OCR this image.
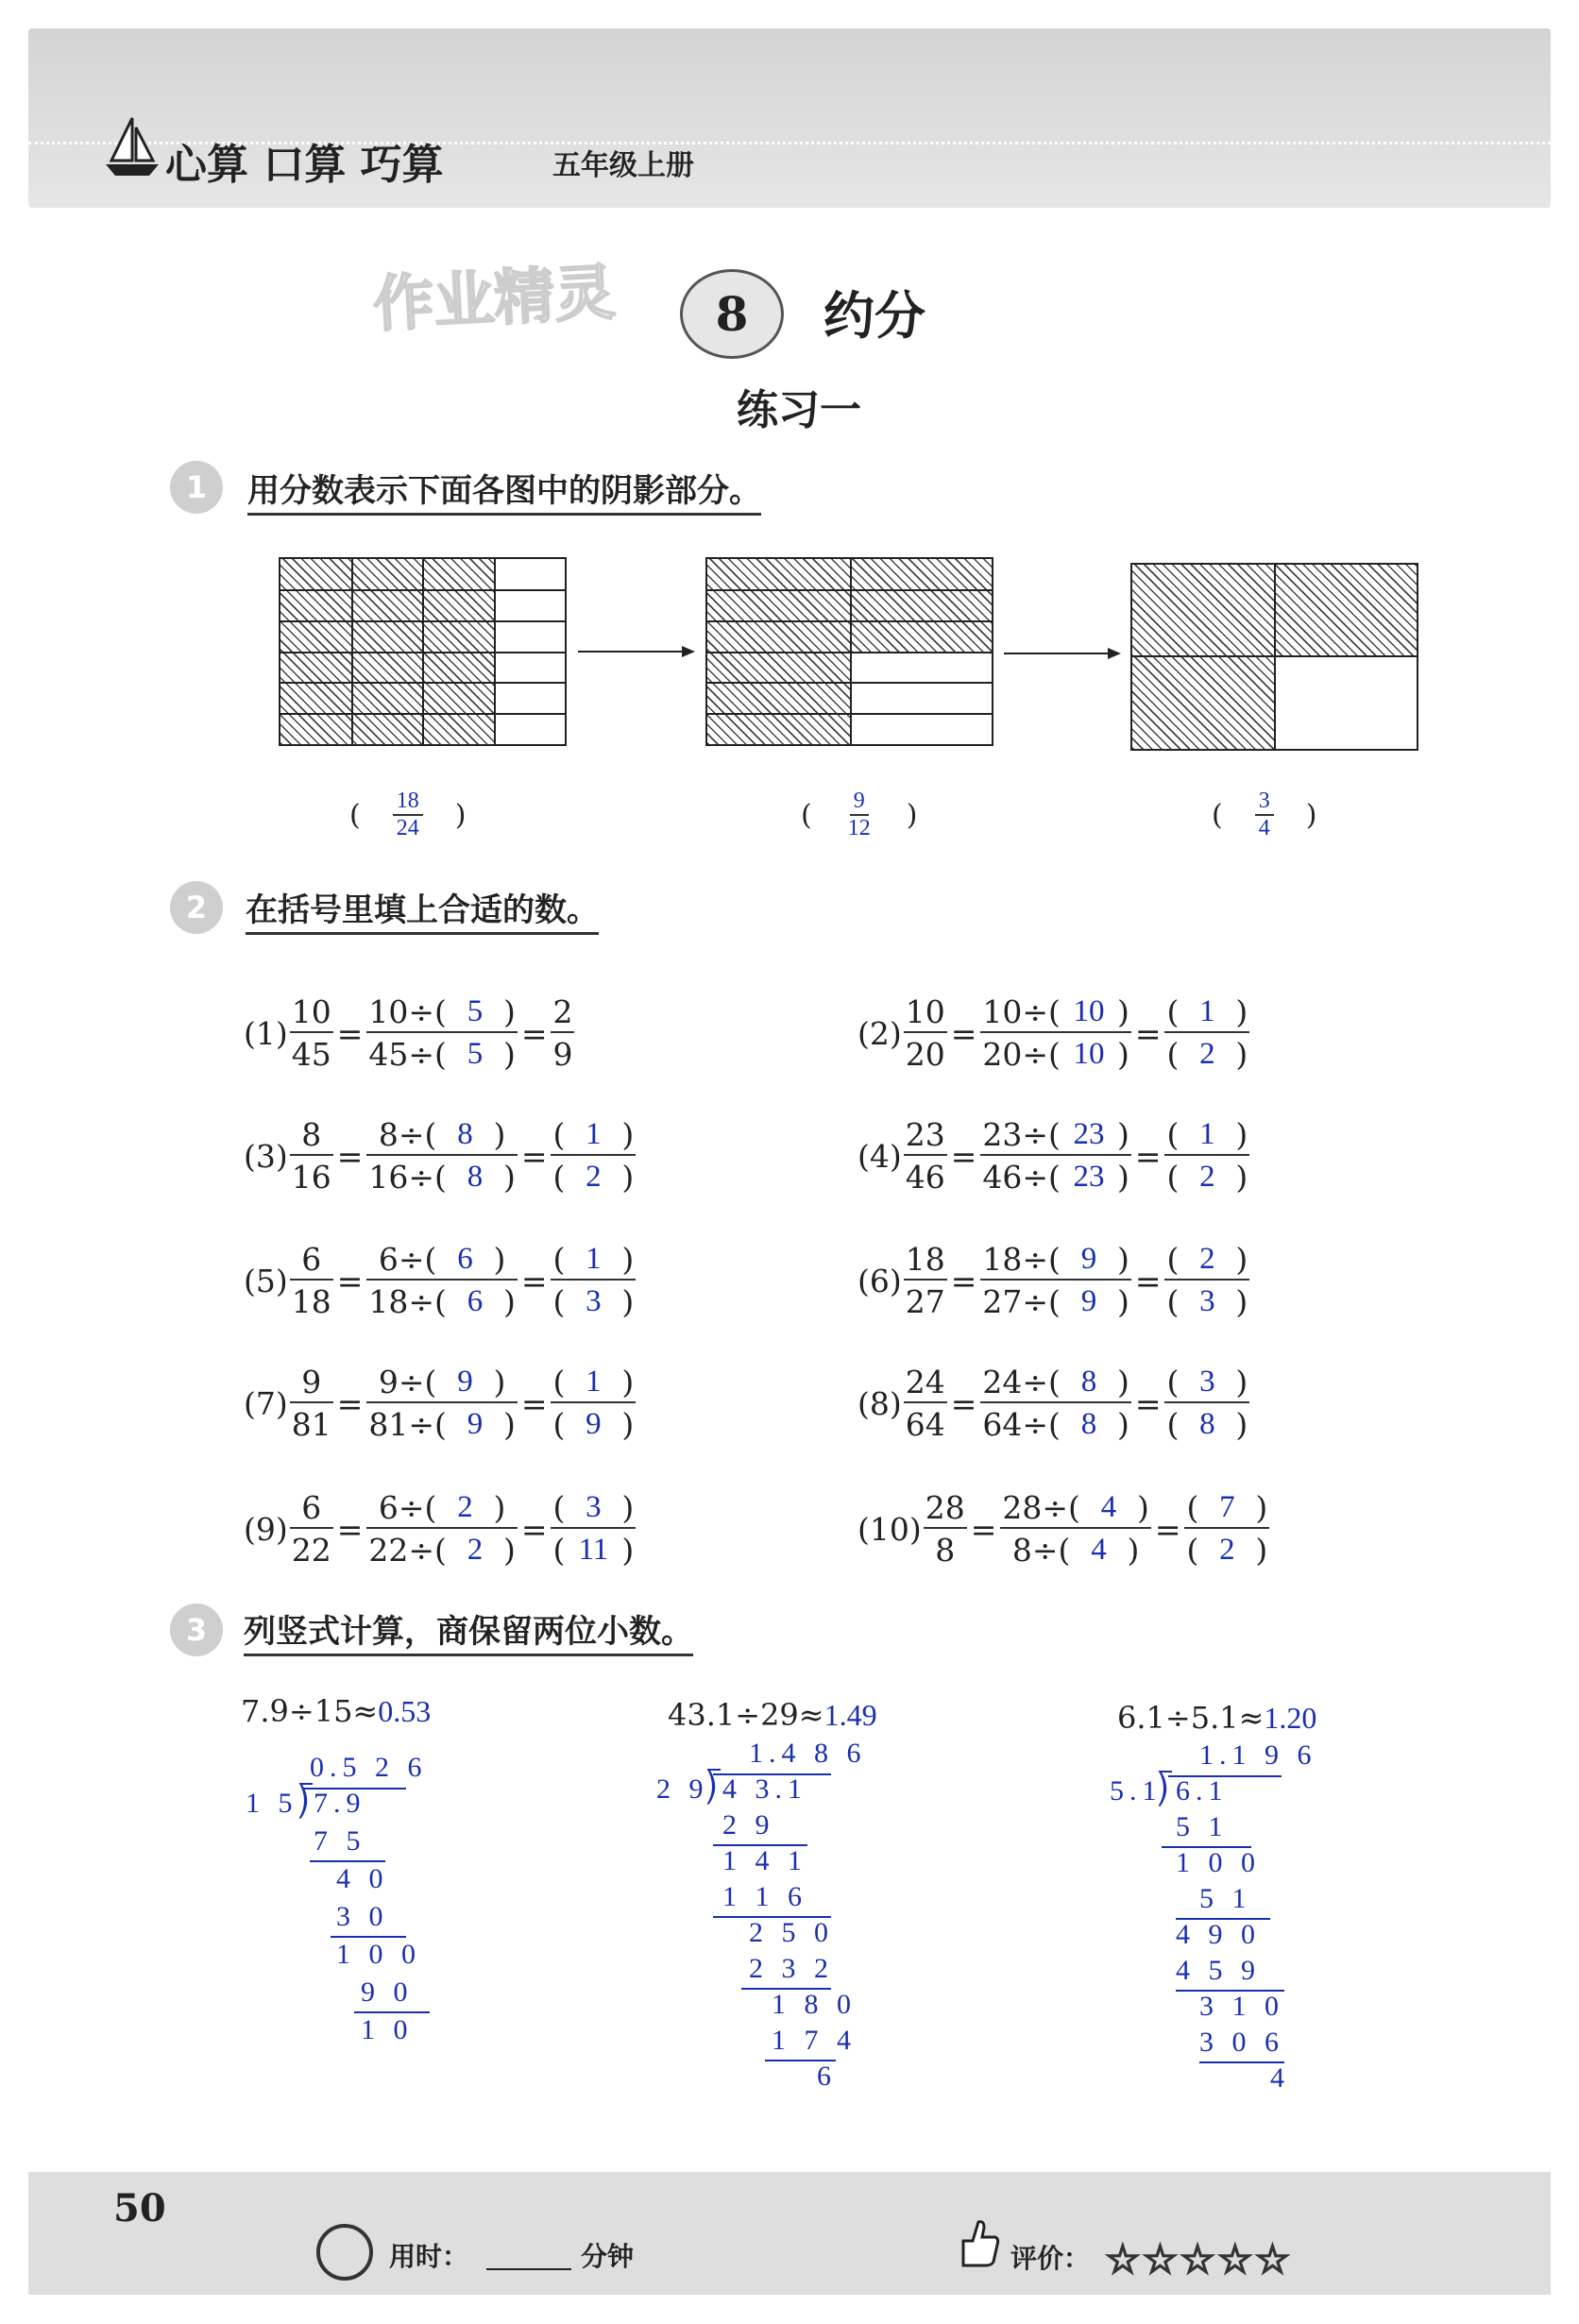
心算 口算 巧算	五年级上册
作业精灵 8 约分
练习一
1	用分数表示下面各图中的阴影部分。
( $\frac{18}{24}$ )	( $\frac{9}{12}$ )	( $\frac{3}{4}$ )
2	在括号里填上合适的数。
$(1) \frac{10}{45} = \frac{10\div( 5 )}{45\div( 5 )} = \frac{2}{9}$	$(2) \frac{10}{20} = \frac{10\div( 10 )}{20\div( 10 )} = \frac{( 1 )}{( 2 )}$
$(3) \frac{8}{16} = \frac{8\div( 8 )}{16\div( 8 )} = \frac{( 1 )}{( 2 )}$	$(4) \frac{23}{46} = \frac{23\div( 23 )}{46\div( 23 )} = \frac{( 1 )}{( 2 )}$
$(5) \frac{6}{18} = \frac{6\div( 6 )}{18\div( 6 )} = \frac{( 1 )}{( 3 )}$	$(6) \frac{18}{27} = \frac{18\div( 9 )}{27\div( 9 )} = \frac{( 2 )}{( 3 )}$
$(7) \frac{9}{81} = \frac{9\div( 9 )}{81\div( 9 )} = \frac{( 1 )}{( 9 )}$	$(8) \frac{24}{64} = \frac{24\div( 8 )}{64\div( 8 )} = \frac{( 3 )}{( 8 )}$
$(9) \frac{6}{22} = \frac{6\div( 2 )}{22\div( 2 )} = \frac{( 3 )}{( 11 )}$	$(10) \frac{28}{8} = \frac{28\div( 4 )}{8\div( 4 )} = \frac{( 7 )}{( 2 )}$
3	列竖式计算，商保留两位小数。
7.9÷15≈0.53
0.5 2 6
1 5 ⟌ 7.9
7 5
4 0
3 0
1 0 0
9 0
1 0
43.1÷29≈1.49
1.4 8 6
2 9
⟌ 4 3.1
2 9
1 4 1
1 1 6
2 5 0
2 3 2
1 8 0
1 7 4
6
6.1÷5.1≈1.20
1.1 9 6
5.1
⟌ 6.1
5 1
1 0 0
5 1
4 9 0
4 5 9
3 1 0
3 0 6
4
50
用时：	分钟	评价： ☆☆☆☆☆
